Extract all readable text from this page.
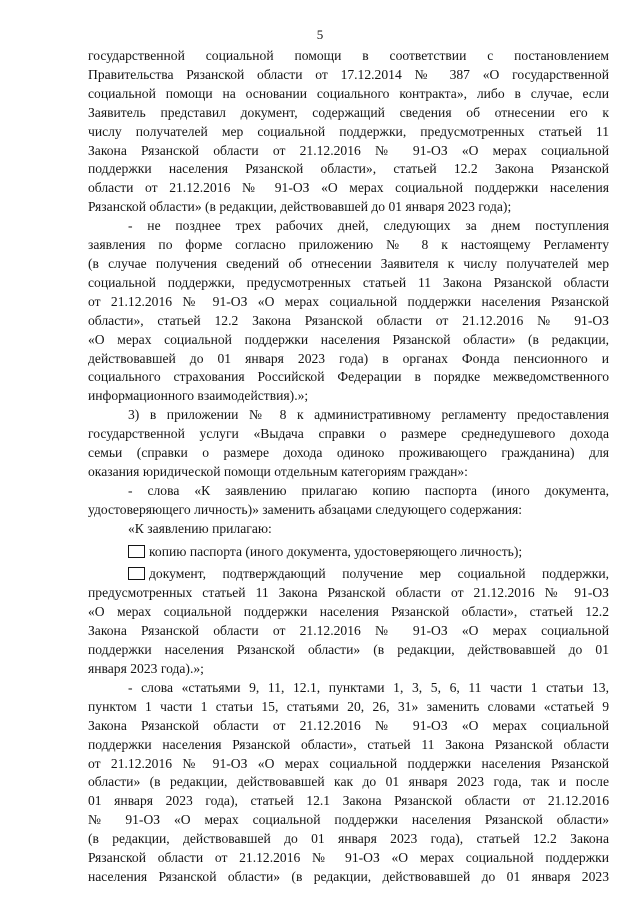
5

государственной социальной помощи в соответствии с постановлением

Правительства Рязанской области от 17.12.2014 № 387 «О государственной

социальной помощи на основании социального контракта», либо в случае, если

Заявитель представил документ, содержащий сведения об отнесении его к

числу получателей мер социальной поддержки, предусмотренных статьей 11

Закона Рязанской области от 21.12.2016 № 91-ОЗ «О мерах социальной

поддержки населения Рязанской области», статьей 12.2 Закона Рязанской

области от 21.12.2016 № 91-ОЗ «О мерах социальной поддержки населения

Рязанской области» (в редакции, действовавшей до 01 января 2023 года);

- не позднее трех рабочих дней, следующих за днем поступления

заявления по форме согласно приложению № 8 к настоящему Регламенту

(в случае получения сведений об отнесении Заявителя к числу получателей мер

социальной поддержки, предусмотренных статьей 11 Закона Рязанской области

от 21.12.2016 № 91-ОЗ «О мерах социальной поддержки населения Рязанской

области», статьей 12.2 Закона Рязанской области от 21.12.2016 № 91-ОЗ

«О мерах социальной поддержки населения Рязанской области» (в редакции,

действовавшей до 01 января 2023 года) в органах Фонда пенсионного и

социального страхования Российской Федерации в порядке межведомственного

информационного взаимодействия).»;

3) в приложении № 8 к административному регламенту предоставления

государственной услуги «Выдача справки о размере среднедушевого дохода

семьи (справки о размере дохода одиноко проживающего гражданина) для

оказания юридической помощи отдельным категориям граждан»:

- слова «К заявлению прилагаю копию паспорта (иного документа,

удостоверяющего личность)» заменить абзацами следующего содержания:

«К заявлению прилагаю:

копию паспорта (иного документа, удостоверяющего личность);

документ, подтверждающий получение мер социальной поддержки,

предусмотренных статьей 11 Закона Рязанской области от 21.12.2016 № 91-ОЗ

«О мерах социальной поддержки населения Рязанской области», статьей 12.2

Закона Рязанской области от 21.12.2016 № 91-ОЗ «О мерах социальной

поддержки населения Рязанской области» (в редакции, действовавшей до 01

января 2023 года).»;

- слова «статьями 9, 11, 12.1, пунктами 1, 3, 5, 6, 11 части 1 статьи 13,

пунктом 1 части 1 статьи 15, статьями 20, 26, 31» заменить словами «статьей 9

Закона Рязанской области от 21.12.2016 № 91-ОЗ «О мерах социальной

поддержки населения Рязанской области», статьей 11 Закона Рязанской области

от 21.12.2016 № 91-ОЗ «О мерах социальной поддержки населения Рязанской

области» (в редакции, действовавшей как до 01 января 2023 года, так и после

01 января 2023 года), статьей 12.1 Закона Рязанской области от 21.12.2016

№ 91-ОЗ «О мерах социальной поддержки населения Рязанской области»

(в редакции, действовавшей до 01 января 2023 года), статьей 12.2 Закона

Рязанской области от 21.12.2016 № 91-ОЗ «О мерах социальной поддержки

населения Рязанской области» (в редакции, действовавшей до 01 января 2023
